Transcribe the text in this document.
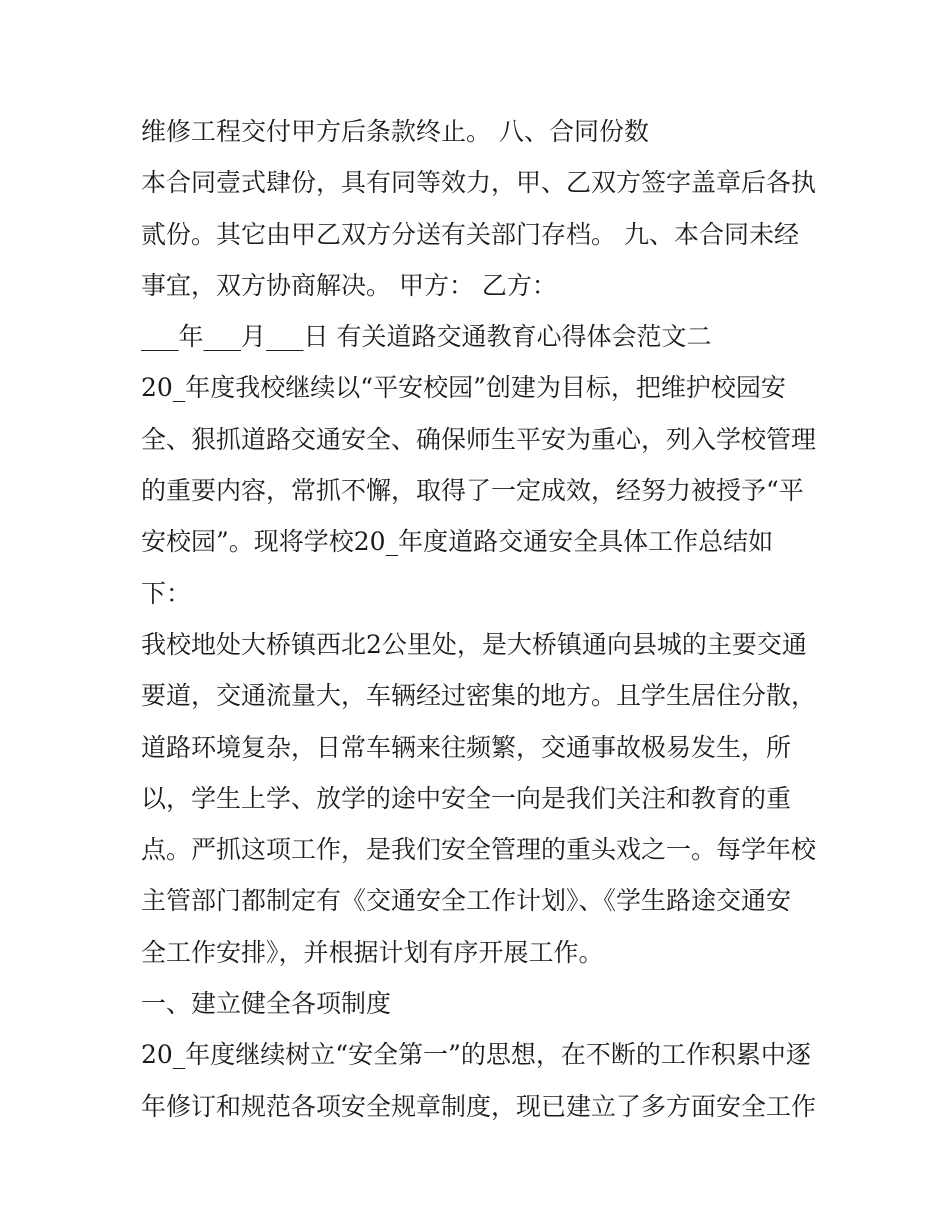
维修工程交付甲方后条款终止。 八、合同份数
本合同壹式肆份，具有同等效力，甲、乙双方签字盖章后各执
贰份。其它由甲乙双方分送有关部门存档。 九、本合同未经
事宜，双方协商解决。 甲方： 乙方：
___年___月___日 有关道路交通教育心得体会范文二
20_年度我校继续以“平安校园”创建为目标，把维护校园安
全、狠抓道路交通安全、确保师生平安为重心，列入学校管理
的重要内容，常抓不懈，取得了一定成效，经努力被授予“平
安校园”。现将学校20_年度道路交通安全具体工作总结如
下：
我校地处大桥镇西北2公里处，是大桥镇通向县城的主要交通
要道，交通流量大，车辆经过密集的地方。且学生居住分散，
道路环境复杂，日常车辆来往频繁，交通事故极易发生，所
以，学生上学、放学的途中安全一向是我们关注和教育的重
点。严抓这项工作，是我们安全管理的重头戏之一。每学年校
主管部门都制定有《交通安全工作计划》、《学生路途交通安
全工作安排》，并根据计划有序开展工作。
一、建立健全各项制度
20_年度继续树立“安全第一”的思想，在不断的工作积累中逐
年修订和规范各项安全规章制度，现已建立了多方面安全工作
